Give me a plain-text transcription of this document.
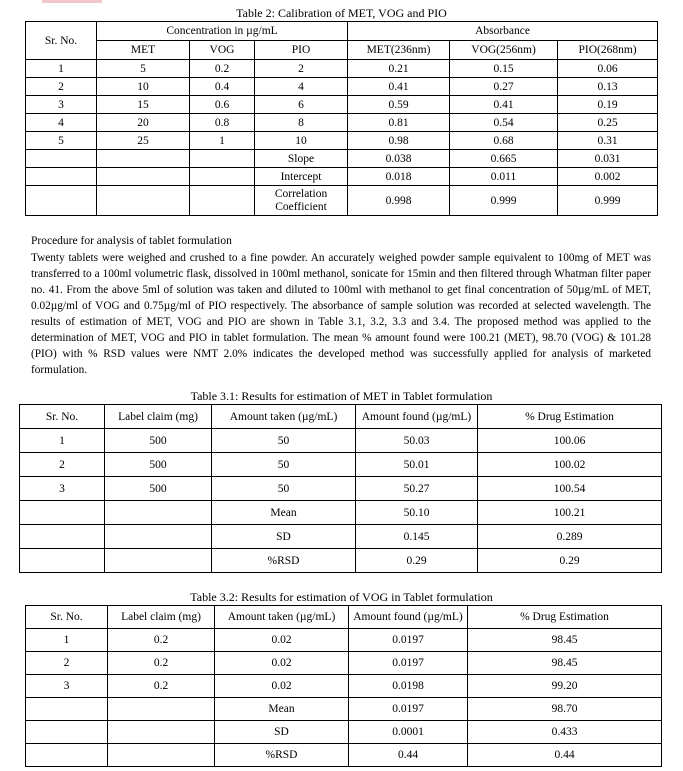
Table 2: Calibration of MET, VOG and PIO
Sr. No.	Concentration in µg/mL			Absorbance		
	MET	VOG	PIO	MET(236nm)	VOG(256nm)	PIO(268nm)
1	5	0.2	2	0.21	0.15	0.06
2	10	0.4	4	0.41	0.27	0.13
3	15	0.6	6	0.59	0.41	0.19
4	20	0.8	8	0.81	0.54	0.25
5	25	1	10	0.98	0.68	0.31
			Slope	0.038	0.665	0.031
			Intercept	0.018	0.011	0.002
			Correlation Coefficient	0.998	0.999	0.999
Procedure for analysis of tablet formulation
Twenty tablets were weighed and crushed to a fine powder. An accurately weighed powder sample equivalent to 100mg of MET was transferred to a 100ml volumetric flask, dissolved in 100ml methanol, sonicate for 15min and then filtered through Whatman filter paper no. 41. From the above 5ml of solution was taken and diluted to 100ml with methanol to get final concentration of 50µg/mL of MET, 0.02µg/ml of VOG and 0.75µg/ml of PIO respectively. The absorbance of sample solution was recorded at selected wavelength. The results of estimation of MET, VOG and PIO are shown in Table 3.1, 3.2, 3.3 and 3.4. The proposed method was applied to the determination of MET, VOG and PIO in tablet formulation. The mean % amount found were 100.21 (MET), 98.70 (VOG) & 101.28 (PIO) with % RSD values were NMT 2.0% indicates the developed method was successfully applied for analysis of marketed formulation.
Table 3.1: Results for estimation of MET in Tablet formulation
Sr. No.	Label claim (mg)	Amount taken (µg/mL)	Amount found (µg/mL)	% Drug Estimation
1	500	50	50.03	100.06
2	500	50	50.01	100.02
3	500	50	50.27	100.54
		Mean	50.10	100.21
		SD	0.145	0.289
		%RSD	0.29	0.29
Table 3.2: Results for estimation of VOG in Tablet formulation
Sr. No.	Label claim (mg)	Amount taken (µg/mL)	Amount found (µg/mL)	% Drug Estimation
1	0.2	0.02	0.0197	98.45
2	0.2	0.02	0.0197	98.45
3	0.2	0.02	0.0198	99.20
		Mean	0.0197	98.70
		SD	0.0001	0.433
		%RSD	0.44	0.44
